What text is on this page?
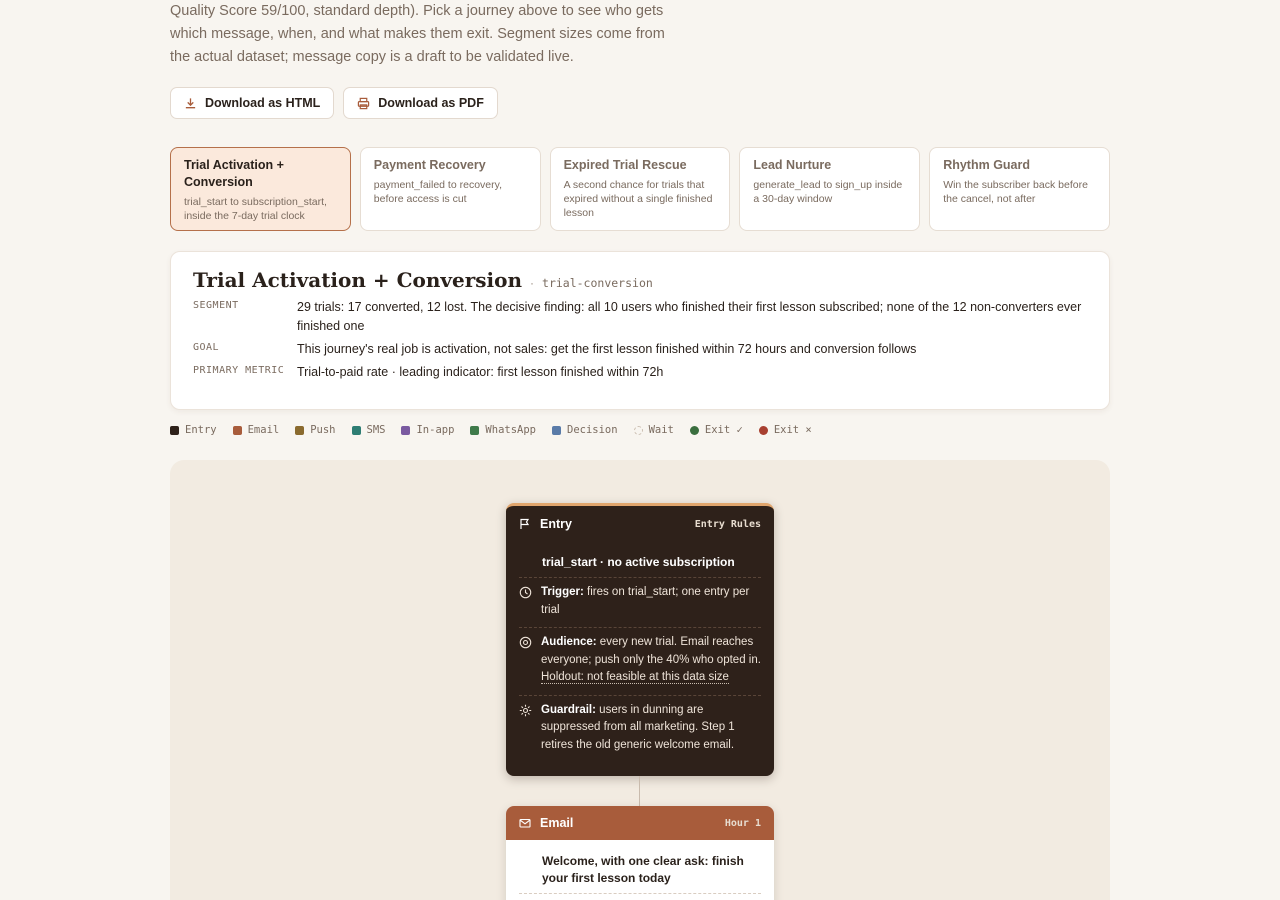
Quality Score 59/100, standard depth). Pick a journey above to see who gets

which message, when, and what makes them exit. Segment sizes come from

the actual dataset; message copy is a draft to be validated live.

Download as HTML	Download as PDF
Trial Activation + Conversion
trial_start to subscription_start, inside the 7-day trial clock
Payment Recovery
payment_failed to recovery, before access is cut
Expired Trial Rescue
A second chance for trials that expired without a single finished lesson
Lead Nurture
generate_lead to sign_up inside a 30-day window
Rhythm Guard
Win the subscriber back before the cancel, not after
Trial Activation + Conversion · trial-conversion
SEGMENT	29 trials: 17 converted, 12 lost. The decisive finding: all 10 users who finished their first lesson subscribed; none of the 12 non-converters ever finished one
GOAL	This journey's real job is activation, not sales: get the first lesson finished within 72 hours and conversion follows
PRIMARY METRIC	Trial-to-paid rate · leading indicator: first lesson finished within 72h
Entry	Email	Push	SMS	In-app	WhatsApp	Decision	Wait	Exit ✓	Exit ×
Entry	Entry Rules
trial_start · no active subscription
Trigger: fires on trial_start; one entry per trial
Audience: every new trial. Email reaches everyone; push only the 40% who opted in.
Holdout: not feasible at this data size
Guardrail: users in dunning are suppressed from all marketing. Step 1 retires the old generic welcome email.
Email	Hour 1
Welcome, with one clear ask: finish your first lesson today
